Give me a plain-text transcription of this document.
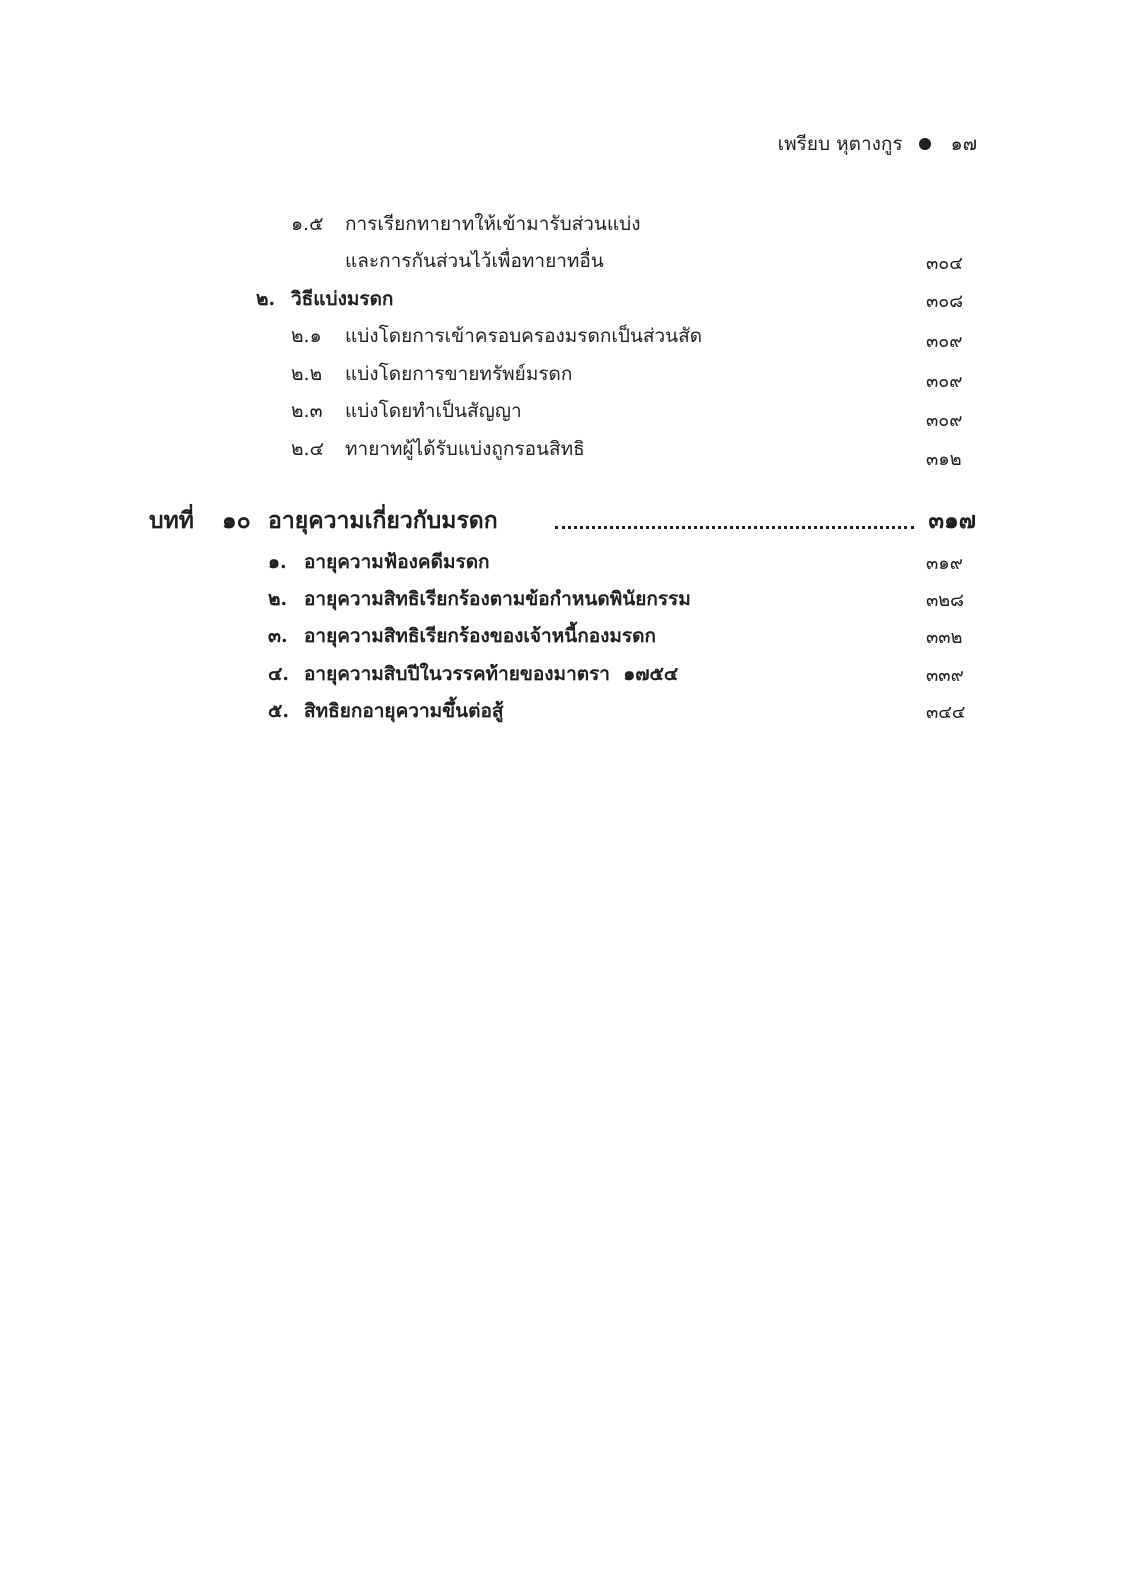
เพรียบ หุตางกูร	๑๗
๑.๕ การเรียกทายาทให้เข้ามารับส่วนแบ่ง
และการกันส่วนไว้เพื่อทายาทอื่น	๓๐๔
๒. วิธีแบ่งมรดก	๓๐๘
๒.๑ แบ่งโดยการเข้าครอบครองมรดกเป็นส่วนสัด	๓๐๙
๒.๒ แบ่งโดยการขายทรัพย์มรดก	๓๐๙
๒.๓ แบ่งโดยทำเป็นสัญญา	๓๐๙
๒.๔ ทายาทผู้ได้รับแบ่งถูกรอนสิทธิ	๓๑๒
บทที่ ๑๐ อายุความเกี่ยวกับมรดก	๓๑๗
๑. อายุความฟ้องคดีมรดก	๓๑๙
๒. อายุความสิทธิเรียกร้องตามข้อกำหนดพินัยกรรม	๓๒๘
๓. อายุความสิทธิเรียกร้องของเจ้าหนี้กองมรดก	๓๓๒
๔. อายุความสิบปีในวรรคท้ายของมาตรา  ๑๗๕๔	๓๓๙
๕. สิทธิยกอายุความขึ้นต่อสู้	๓๔๔
